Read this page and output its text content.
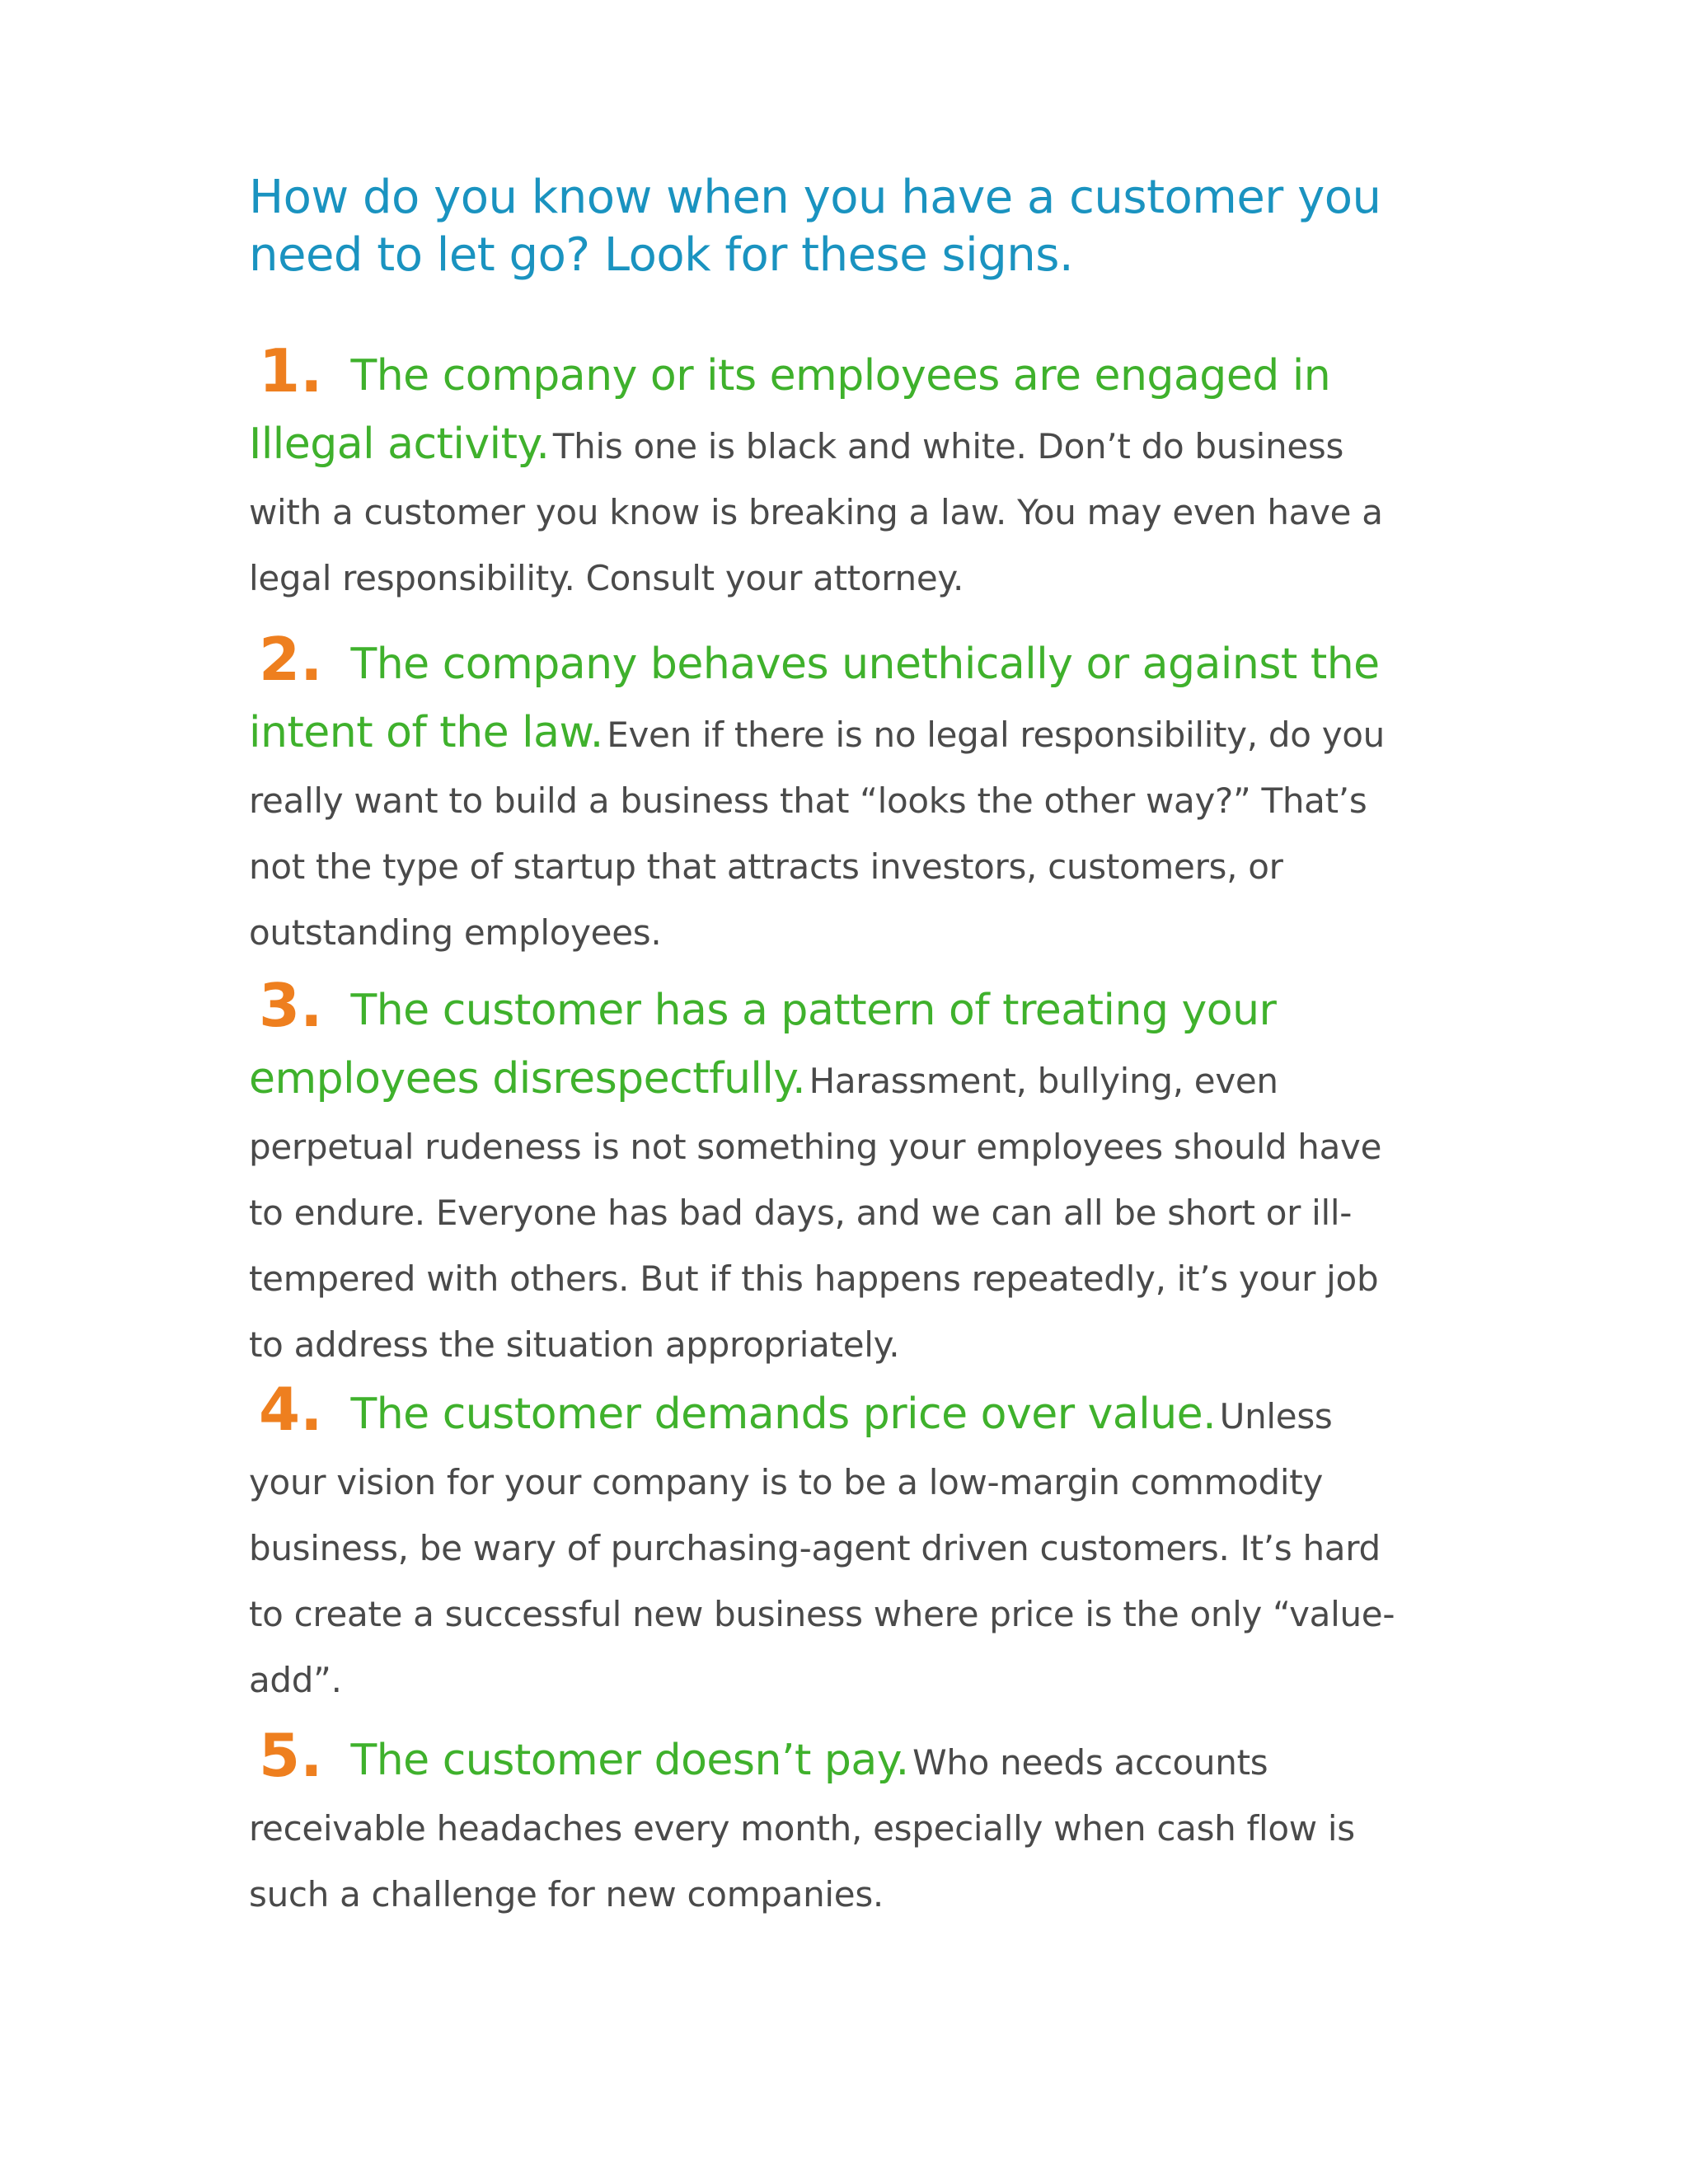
How do you know when you have a customer you need to let go? Look for these signs.

1. The company or its employees are engaged in Illegal activity. This one is black and white. Don’t do business with a customer you know is breaking a law. You may even have a legal responsibility. Consult your attorney.

2. The company behaves unethically or against the intent of the law. Even if there is no legal responsibility, do you really want to build a business that “looks the other way?” That’s not the type of startup that attracts investors, customers, or outstanding employees.

3. The customer has a pattern of treating your employees disrespectfully. Harassment, bullying, even perpetual rudeness is not something your employees should have to endure. Everyone has bad days, and we can all be short or ill-tempered with others. But if this happens repeatedly, it’s your job to address the situation appropriately.

4. The customer demands price over value. Unless your vision for your company is to be a low-margin commodity business, be wary of purchasing-agent driven customers. It’s hard to create a successful new business where price is the only “value-add”.

5. The customer doesn’t pay. Who needs accounts receivable headaches every month, especially when cash flow is such a challenge for new companies.
